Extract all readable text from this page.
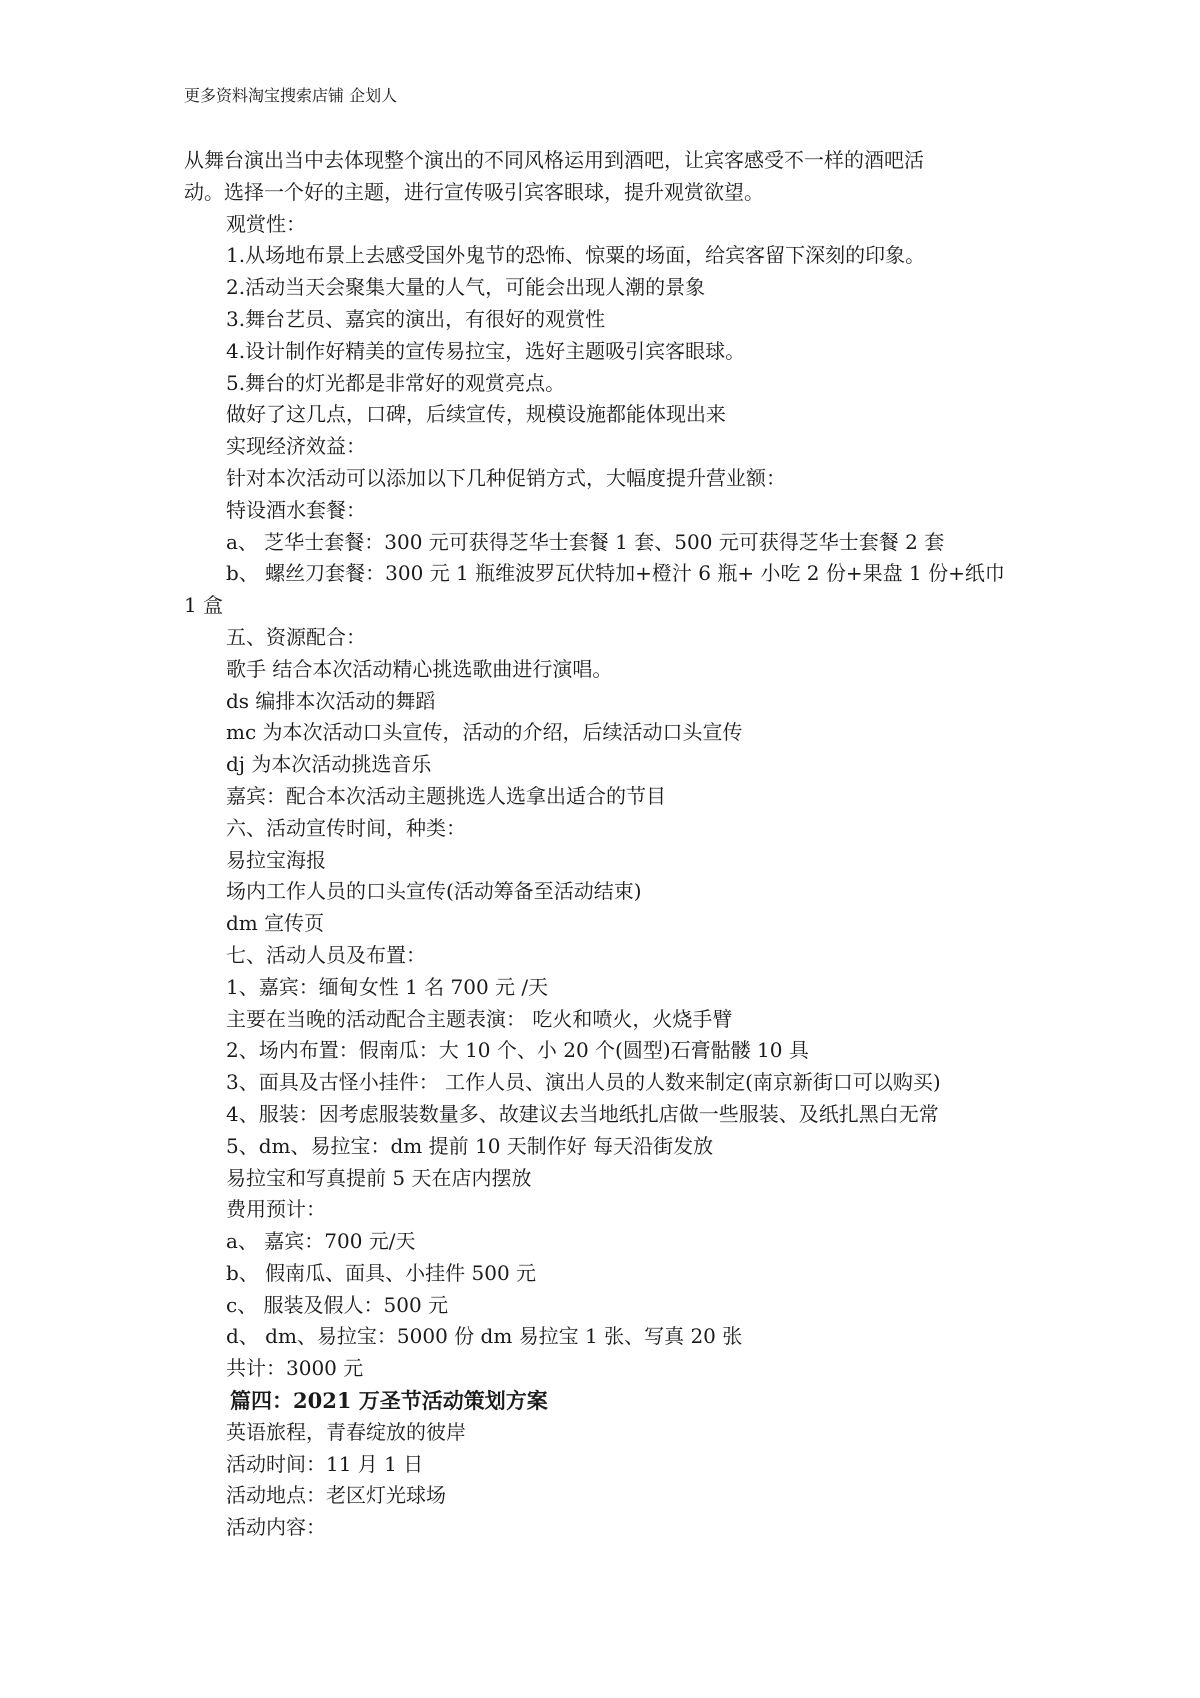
更多资料淘宝搜索店铺 企划人
从舞台演出当中去体现整个演出的不同风格运用到酒吧，让宾客感受不一样的酒吧活
动。选择一个好的主题，进行宣传吸引宾客眼球，提升观赏欲望。
观赏性：
1.从场地布景上去感受国外鬼节的恐怖、惊粟的场面，给宾客留下深刻的印象。
2.活动当天会聚集大量的人气，可能会出现人潮的景象
3.舞台艺员、嘉宾的演出，有很好的观赏性
4.设计制作好精美的宣传易拉宝，选好主题吸引宾客眼球。
5.舞台的灯光都是非常好的观赏亮点。
做好了这几点，口碑，后续宣传，规模设施都能体现出来
实现经济效益：
针对本次活动可以添加以下几种促销方式，大幅度提升营业额：
特设酒水套餐：
a、 芝华士套餐：300 元可获得芝华士套餐 1 套、500 元可获得芝华士套餐 2 套
b、 螺丝刀套餐：300 元 1 瓶维波罗瓦伏特加+橙汁 6 瓶+ 小吃 2 份+果盘 1 份+纸巾
1 盒
五、资源配合：
歌手 结合本次活动精心挑选歌曲进行演唱。
ds 编排本次活动的舞蹈
mc 为本次活动口头宣传，活动的介绍，后续活动口头宣传
dj 为本次活动挑选音乐
嘉宾：配合本次活动主题挑选人选拿出适合的节目
六、活动宣传时间，种类：
易拉宝海报
场内工作人员的口头宣传(活动筹备至活动结束)
dm 宣传页
七、活动人员及布置：
1、嘉宾：缅甸女性 1 名 700 元 /天
主要在当晚的活动配合主题表演： 吃火和喷火，火烧手臂
2、场内布置：假南瓜：大 10 个、小 20 个(圆型)石膏骷髅 10 具
3、面具及古怪小挂件： 工作人员、演出人员的人数来制定(南京新街口可以购买)
4、服装：因考虑服装数量多、故建议去当地纸扎店做一些服装、及纸扎黑白无常
5、dm、易拉宝：dm 提前 10 天制作好 每天沿街发放
易拉宝和写真提前 5 天在店内摆放
费用预计：
a、 嘉宾：700 元/天
b、 假南瓜、面具、小挂件 500 元
c、 服装及假人：500 元
d、 dm、易拉宝：5000 份 dm 易拉宝 1 张、写真 20 张
共计：3000 元
篇四：2021 万圣节活动策划方案
英语旅程，青春绽放的彼岸
活动时间：11 月 1 日
活动地点：老区灯光球场
活动内容：
